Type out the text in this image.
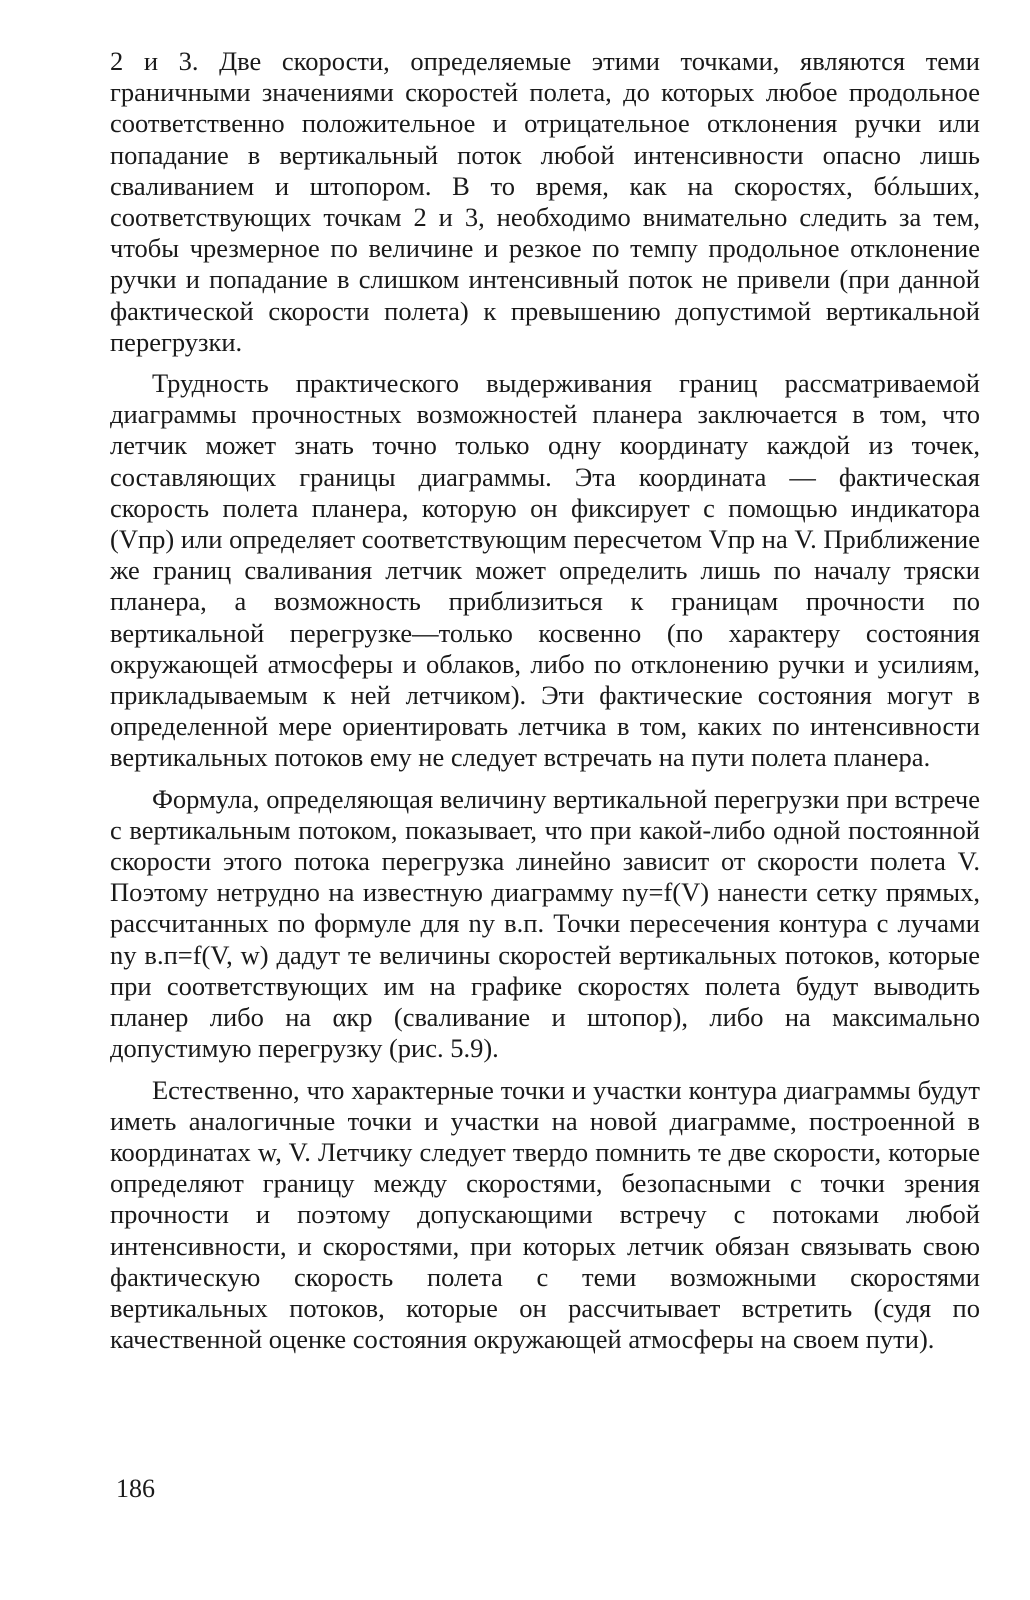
2 и 3. Две скорости, определяемые этими точками, являются теми граничными значениями скоростей полета, до которых любое продольное соответственно положительное и отрицательное отклонения ручки или попадание в вертикальный поток любой интенсивности опасно лишь сваливанием и штопором. В то время, как на скоростях, бóльших, соответствующих точкам 2 и 3, необходимо внимательно следить за тем, чтобы чрезмерное по величине и резкое по темпу продольное отклонение ручки и попадание в слишком интенсивный поток не привели (при данной фактической скорости полета) к превышению допустимой вертикальной перегрузки.

Трудность практического выдерживания границ рассматриваемой диаграммы прочностных возможностей планера заключается в том, что летчик может знать точно только одну координату каждой из точек, составляющих границы диаграммы. Эта координата — фактическая скорость полета планера, которую он фиксирует с помощью индикатора (Vпр) или определяет соответствующим пересчетом Vпр на V. Приближение же границ сваливания летчик может определить лишь по началу тряски планера, а возможность приблизиться к границам прочности по вертикальной перегрузке—только косвенно (по характеру состояния окружающей атмосферы и облаков, либо по отклонению ручки и усилиям, прикладываемым к ней летчиком). Эти фактические состояния могут в определенной мере ориентировать летчика в том, каких по интенсивности вертикальных потоков ему не следует встречать на пути полета планера.

Формула, определяющая величину вертикальной перегрузки при встрече с вертикальным потоком, показывает, что при какой-либо одной постоянной скорости этого потока перегрузка линейно зависит от скорости полета V. Поэтому нетрудно на известную диаграмму ny=f(V) нанести сетку прямых, рассчитанных по формуле для ny в.п. Точки пересечения контура с лучами ny в.п=f(V, w) дадут те величины скоростей вертикальных потоков, которые при соответствующих им на графике скоростях полета будут выводить планер либо на αкр (сваливание и штопор), либо на максимально допустимую перегрузку (рис. 5.9).

Естественно, что характерные точки и участки контура диаграммы будут иметь аналогичные точки и участки на новой диаграмме, построенной в координатах w, V. Летчику следует твердо помнить те две скорости, которые определяют границу между скоростями, безопасными с точки зрения прочности и поэтому допускающими встречу с потоками любой интенсивности, и скоростями, при которых летчик обязан связывать свою фактическую скорость полета с теми возможными скоростями вертикальных потоков, которые он рассчитывает встретить (судя по качественной оценке состояния окружающей атмосферы на своем пути).

186
